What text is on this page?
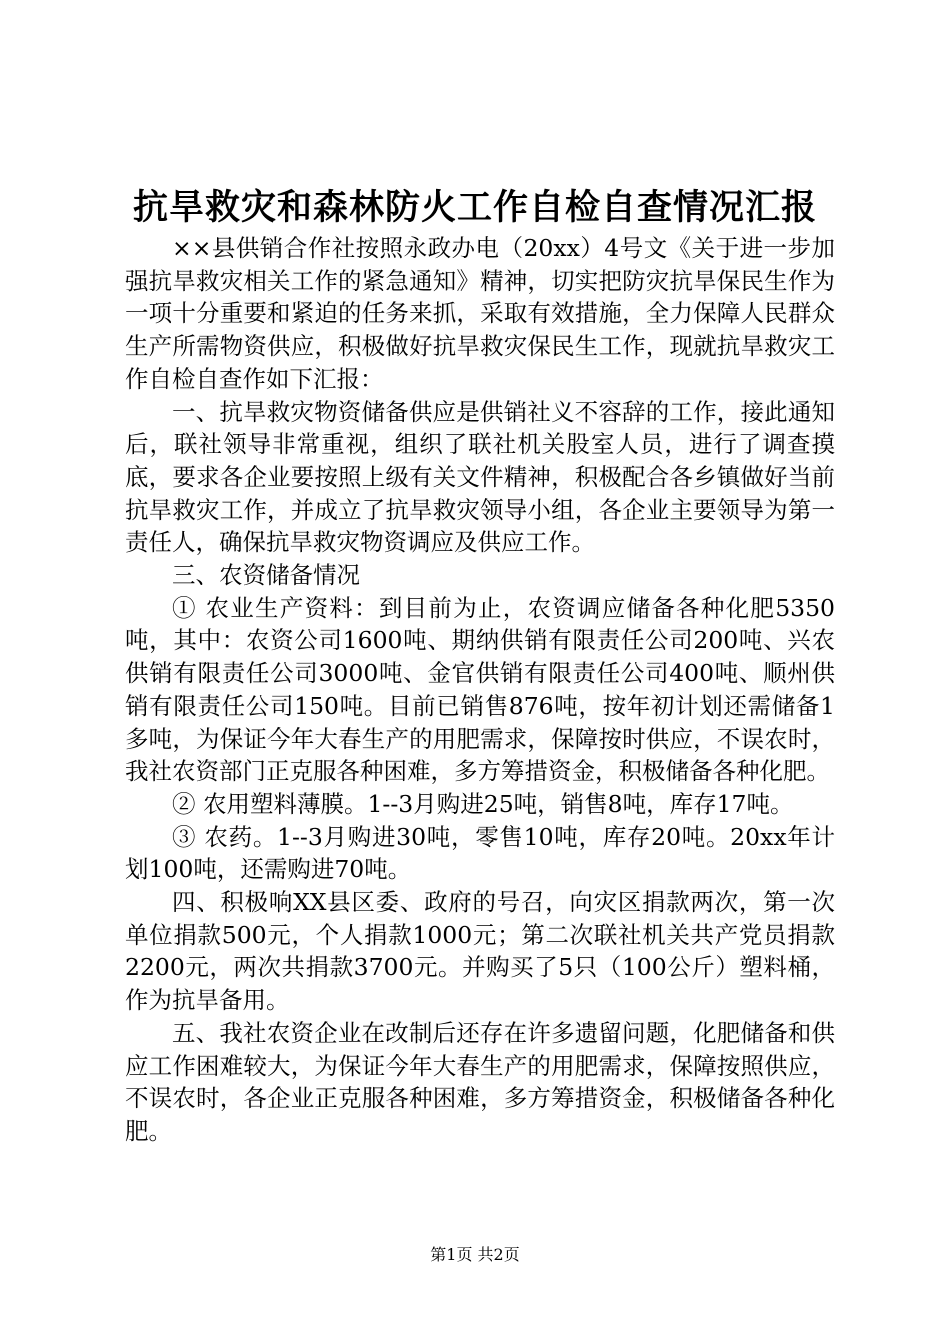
抗旱救灾和森林防火工作自检自查情况汇报

××县供销合作社按照永政办电（20xx）4号文《关于进一步加强抗旱救灾相关工作的紧急通知》精神，切实把防灾抗旱保民生作为一项十分重要和紧迫的任务来抓，采取有效措施，全力保障人民群众生产所需物资供应，积极做好抗旱救灾保民生工作，现就抗旱救灾工作自检自查作如下汇报：

一、抗旱救灾物资储备供应是供销社义不容辞的工作，接此通知后，联社领导非常重视，组织了联社机关股室人员，进行了调查摸底，要求各企业要按照上级有关文件精神，积极配合各乡镇做好当前抗旱救灾工作，并成立了抗旱救灾领导小组，各企业主要领导为第一责任人，确保抗旱救灾物资调应及供应工作。

三、农资储备情况

① 农业生产资料：到目前为止，农资调应储备各种化肥5350吨，其中：农资公司1600吨、期纳供销有限责任公司200吨、兴农供销有限责任公司3000吨、金官供销有限责任公司400吨、顺州供销有限责任公司150吨。目前已销售876吨，按年初计划还需储备1多吨，为保证今年大春生产的用肥需求，保障按时供应，不误农时，我社农资部门正克服各种困难，多方筹措资金，积极储备各种化肥。

② 农用塑料薄膜。1--3月购进25吨，销售8吨，库存17吨。

③ 农药。1--3月购进30吨，零售10吨，库存20吨。20xx年计划100吨，还需购进70吨。

四、积极响XX县区委、政府的号召，向灾区捐款两次，第一次单位捐款500元，个人捐款1000元；第二次联社机关共产党员捐款2200元，两次共捐款3700元。并购买了5只（100公斤）塑料桶，作为抗旱备用。

五、我社农资企业在改制后还存在许多遗留问题，化肥储备和供应工作困难较大，为保证今年大春生产的用肥需求，保障按照供应，不误农时，各企业正克服各种困难，多方筹措资金，积极储备各种化肥。

第1页 共2页
